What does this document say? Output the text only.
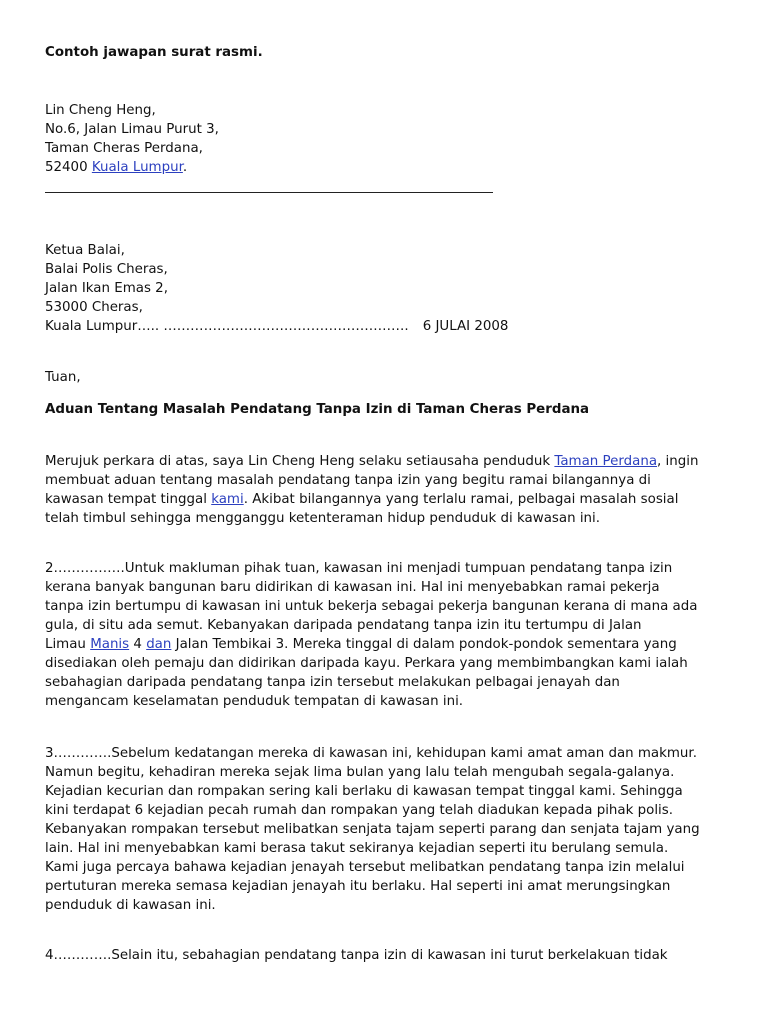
Contoh jawapan surat rasmi.
Lin Cheng Heng,
No.6, Jalan Limau Purut 3,
Taman Cheras Perdana,
52400 Kuala Lumpur.
Ketua Balai,
Balai Polis Cheras,
Jalan Ikan Emas 2,
53000 Cheras,
Kuala Lumpur….. ………………………………………………. 6 JULAI 2008
Tuan,
Aduan Tentang Masalah Pendatang Tanpa Izin di Taman Cheras Perdana
Merujuk perkara di atas, saya Lin Cheng Heng selaku setiausaha penduduk Taman Perdana, ingin
membuat aduan tentang masalah pendatang tanpa izin yang begitu ramai bilangannya di
kawasan tempat tinggal kami. Akibat bilangannya yang terlalu ramai, pelbagai masalah sosial
telah timbul sehingga mengganggu ketenteraman hidup penduduk di kawasan ini.
2…………….Untuk makluman pihak tuan, kawasan ini menjadi tumpuan pendatang tanpa izin
kerana banyak bangunan baru didirikan di kawasan ini. Hal ini menyebabkan ramai pekerja
tanpa izin bertumpu di kawasan ini untuk bekerja sebagai pekerja bangunan kerana di mana ada
gula, di situ ada semut. Kebanyakan daripada pendatang tanpa izin itu tertumpu di Jalan
Limau Manis 4 dan Jalan Tembikai 3. Mereka tinggal di dalam pondok-pondok sementara yang
disediakan oleh pemaju dan didirikan daripada kayu. Perkara yang membimbangkan kami ialah
sebahagian daripada pendatang tanpa izin tersebut melakukan pelbagai jenayah dan
mengancam keselamatan penduduk tempatan di kawasan ini.
3………….Sebelum kedatangan mereka di kawasan ini, kehidupan kami amat aman dan makmur.
Namun begitu, kehadiran mereka sejak lima bulan yang lalu telah mengubah segala-galanya.
Kejadian kecurian dan rompakan sering kali berlaku di kawasan tempat tinggal kami. Sehingga
kini terdapat 6 kejadian pecah rumah dan rompakan yang telah diadukan kepada pihak polis.
Kebanyakan rompakan tersebut melibatkan senjata tajam seperti parang dan senjata tajam yang
lain. Hal ini menyebabkan kami berasa takut sekiranya kejadian seperti itu berulang semula.
Kami juga percaya bahawa kejadian jenayah tersebut melibatkan pendatang tanpa izin melalui
pertuturan mereka semasa kejadian jenayah itu berlaku. Hal seperti ini amat merungsingkan
penduduk di kawasan ini.
4………….Selain itu, sebahagian pendatang tanpa izin di kawasan ini turut berkelakuan tidak
